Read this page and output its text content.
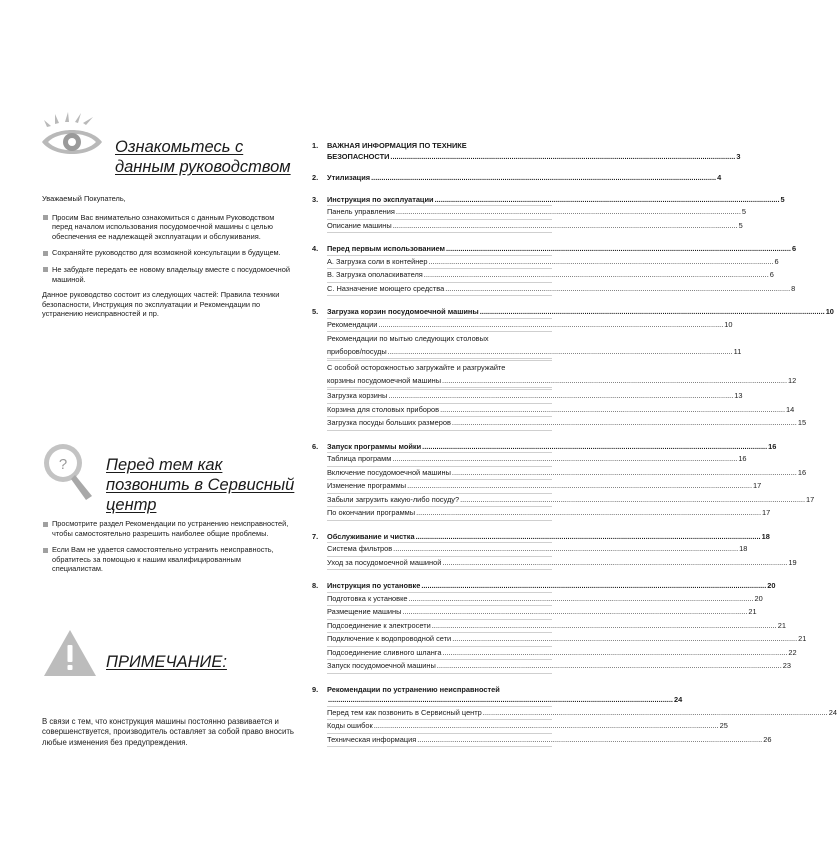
Ознакомьтесь с
данным руководством
Уважаемый Покупатель,
Просим Вас внимательно ознакомиться с данным Руководством перед началом использования посудомоечной машины с целью обеспечения ее надлежащей эксплуатации и обслуживания.
Сохраняйте руководство для возможной консультации в будущем.
Не забудьте передать ее новому владельцу вместе с посудомоечной машиной.
Данное руководство состоит из следующих частей: Правила техники безопасности, Инструкция по эксплуатации и Рекомендации по устранению неисправностей и пр.
? Перед тем как
позвонить в Сервисный
центр
Просмотрите раздел Рекомендации по устранению неисправностей, чтобы самостоятельно разрешить наиболее общие проблемы.
Если Вам не удается самостоятельно устранить неисправность, обратитесь за помощью к нашим квалифицированным специалистам.
ПРИМЕЧАНИЕ:
В связи с тем, что конструкция машины постоянно развивается и совершенствуется, производитель оставляет за собой право вносить любые изменения без предупреждения.
1.	ВАЖНАЯ ИНФОРМАЦИЯ ПО ТЕХНИКЕ
БЕЗОПАСНОСТИ .....	3
2.	Утилизация .....	4
3.	Инструкция по эксплуатации .....	5
Панель управления .....	5
Описание машины .....	5
4.	Перед первым использованием .....	6
A. Загрузка соли в контейнер .....	6
B. Загрузка ополаскивателя .....	6
C. Назначение моющего средства .....	8
5.	Загрузка корзин посудомоечной машины .....	10
Рекомендации .....	10
Рекомендации по мытью следующих столовых
приборов/посуды .....	11
С особой осторожностью загружайте и разгружайте
корзины посудомоечной машины .....	12
Загрузка корзины .....	13
Корзина для столовых приборов .....	14
Загрузка посуды больших размеров .....	15
6.	Запуск программы мойки .....	16
Таблица программ .....	16
Включение посудомоечной машины .....	16
Изменение программы .....	17
Забыли загрузить какую-либо посуду? .....	17
По окончании программы .....	17
7.	Обслуживание и чистка .....	18
Система фильтров .....	18
Уход за посудомоечной машиной .....	19
8.	Инструкция по установке .....	20
Подготовка к установке .....	20
Размещение машины .....	21
Подсоединение к электросети .....	21
Подключение к водопроводной сети .....	21
Подсоединение сливного шланга .....	22
Запуск посудомоечной машины .....	23
9.	Рекомендации по устранению неисправностей
.....
24
Перед тем как позвонить в Сервисный центр .....	24
Коды ошибок .....	25
Техническая информация .....	26
